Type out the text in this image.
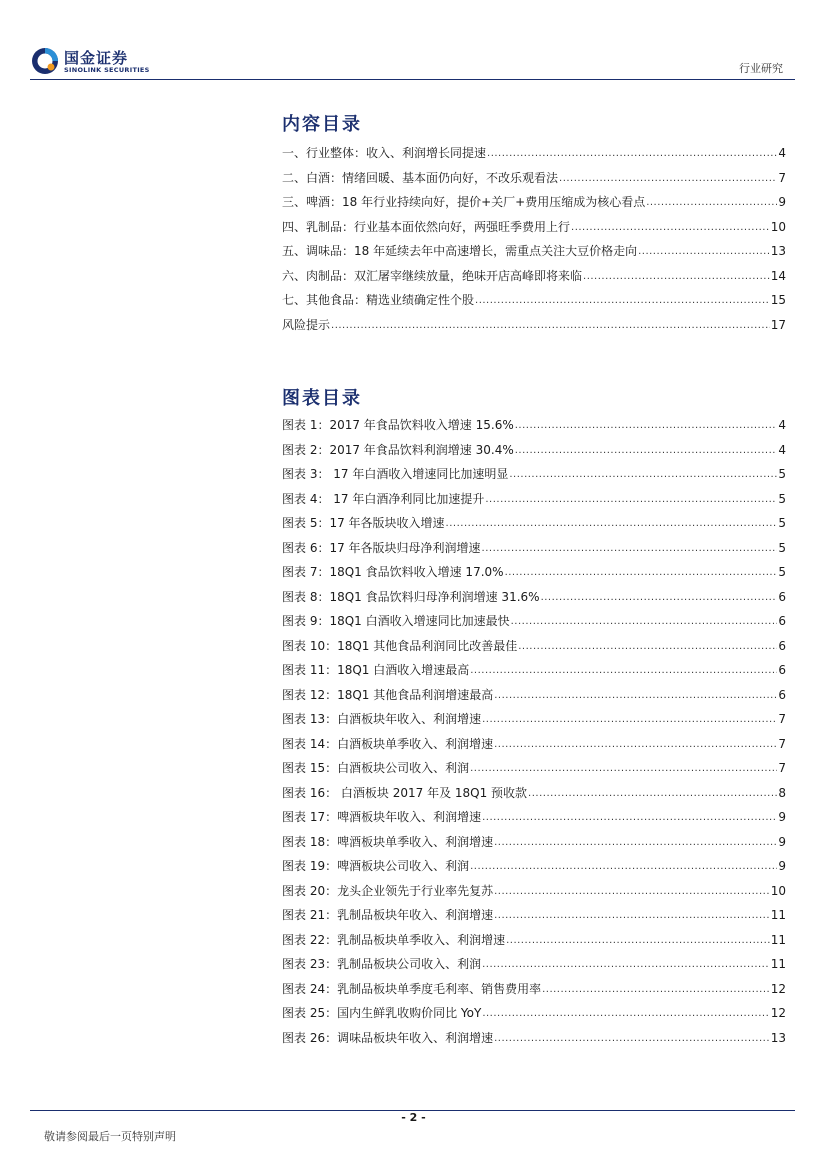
国金证券
SINOLINK SECURITIES	行业研究
内容目录
一、行业整体：收入、利润增长同提速 .....	4
二、白酒：情绪回暖、基本面仍向好，不改乐观看法 .....	7
三、啤酒：18 年行业持续向好，提价+关厂+费用压缩成为核心看点 .....	9
四、乳制品：行业基本面依然向好，两强旺季费用上行 .....	10
五、调味品：18 年延续去年中高速增长，需重点关注大豆价格走向 .....	13
六、肉制品：双汇屠宰继续放量，绝味开店高峰即将来临 .....	14
七、其他食品：精选业绩确定性个股 .....	15
风险提示 .....	17
图表目录
图表 1：2017 年食品饮料收入增速 15.6% .....	4
图表 2：2017 年食品饮料利润增速 30.4% .....	4
图表 3： 17 年白酒收入增速同比加速明显 .....	5
图表 4： 17 年白酒净利同比加速提升 .....	5
图表 5：17 年各版块收入增速 .....	5
图表 6：17 年各版块归母净利润增速 .....	5
图表 7：18Q1 食品饮料收入增速 17.0% .....	5
图表 8：18Q1 食品饮料归母净利润增速 31.6% .....	6
图表 9：18Q1 白酒收入增速同比加速最快 .....	6
图表 10：18Q1 其他食品利润同比改善最佳 .....	6
图表 11：18Q1 白酒收入增速最高 .....	6
图表 12：18Q1 其他食品利润增速最高 .....	6
图表 13：白酒板块年收入、利润增速 .....	7
图表 14：白酒板块单季收入、利润增速 .....	7
图表 15：白酒板块公司收入、利润 .....	7
图表 16： 白酒板块 2017 年及 18Q1 预收款 .....	8
图表 17：啤酒板块年收入、利润增速 .....	9
图表 18：啤酒板块单季收入、利润增速 .....	9
图表 19：啤酒板块公司收入、利润 .....	9
图表 20：龙头企业领先于行业率先复苏 .....	10
图表 21：乳制品板块年收入、利润增速 .....	11
图表 22：乳制品板块单季收入、利润增速 .....	11
图表 23：乳制品板块公司收入、利润 .....	11
图表 24：乳制品板块单季度毛利率、销售费用率 .....	12
图表 25：国内生鲜乳收购价同比 YoY .....	12
图表 26：调味品板块年收入、利润增速 .....	13
- 2 -
敬请参阅最后一页特别声明
